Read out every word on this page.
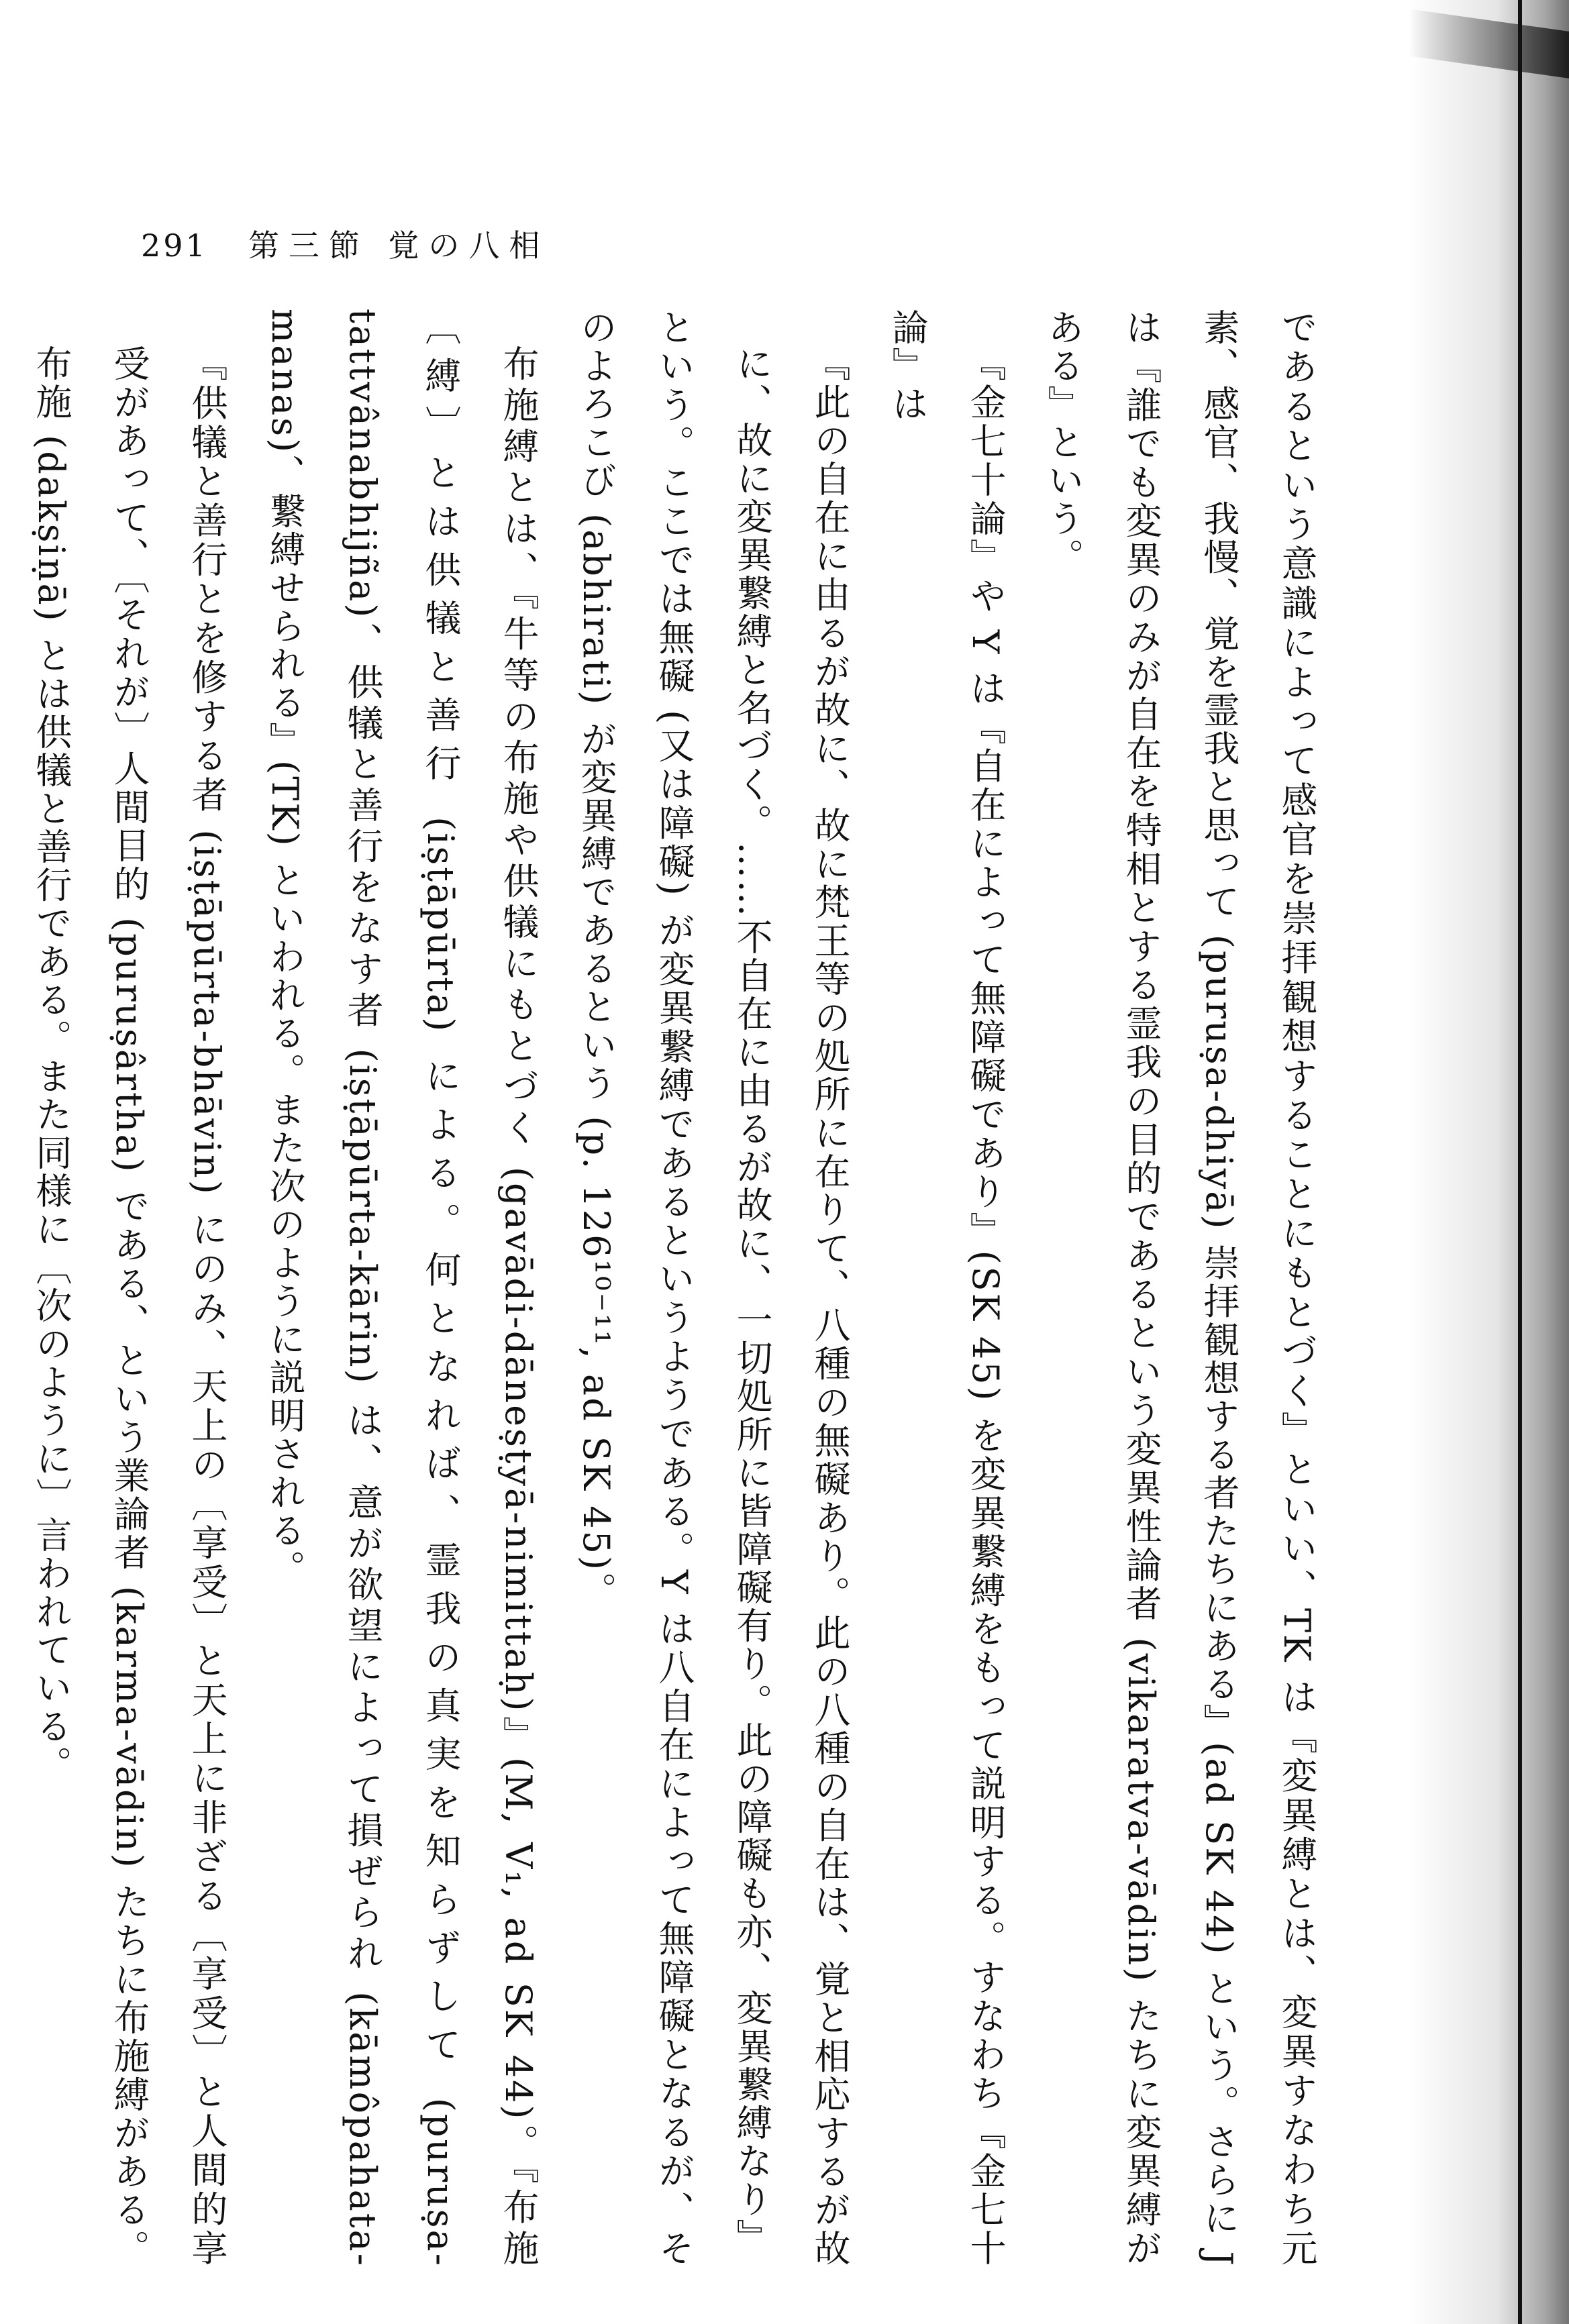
291 第三節 覚の八相

であるという意識によって感官を崇拝観想することにもとづく』といい、TK は『変異縛とは、変異すなわち元素、感官、我慢、覚を霊我と思って (puruṣa-dhiyā) 崇拝観想する者たちにある』(ad SK 44) という。さらに J は『誰でも変異のみが自在を特相とする霊我の目的であるという変異性論者 (vikaratva-vādin) たちに変異縛がある』という。

『金七十論』や Y は『自在によって無障礙であり』(SK 45) を変異繋縛をもって説明する。すなわち『金七十論』は

『此の自在に由るが故に、故に梵王等の処所に在りて、八種の無礙あり。此の八種の自在は、覚と相応するが故に、故に変異繋縛と名づく。……不自在に由るが故に、一切処所に皆障礙有り。此の障礙も亦、変異繋縛なり』

という。ここでは無礙 (又は障礙) が変異繋縛であるというようである。Y は八自在によって無障礙となるが、そのよろこび (abhirati) が変異縛であるという (p. 126¹⁰⁻¹¹, ad SK 45)。

布施縛とは、『牛等の布施や供犠にもとづく (gavādi-dāneṣṭyā-nimittaḥ)』(M, V₁, ad SK 44)。『布施〔縛〕とは供犠と善行 (iṣṭāpūrta) による。何となれば、霊我の真実を知らずして (puruṣa-tattvânabhijña)、供犠と善行をなす者 (iṣṭāpūrta-kārin) は、意が欲望によって損ぜられ (kāmôpahata-manas)、繋縛せられる』(TK) といわれる。また次のように説明される。

『供犠と善行とを修する者 (iṣṭāpūrta-bhāvin) にのみ、天上の〔享受〕と天上に非ざる〔享受〕と人間的享受があって、〔それが〕人間目的 (puruṣârtha) である、という業論者 (karma-vādin) たちに布施縛がある。布施 (dakṣiṇā) とは供犠と善行である。また同様に〔次のように〕言われている。
